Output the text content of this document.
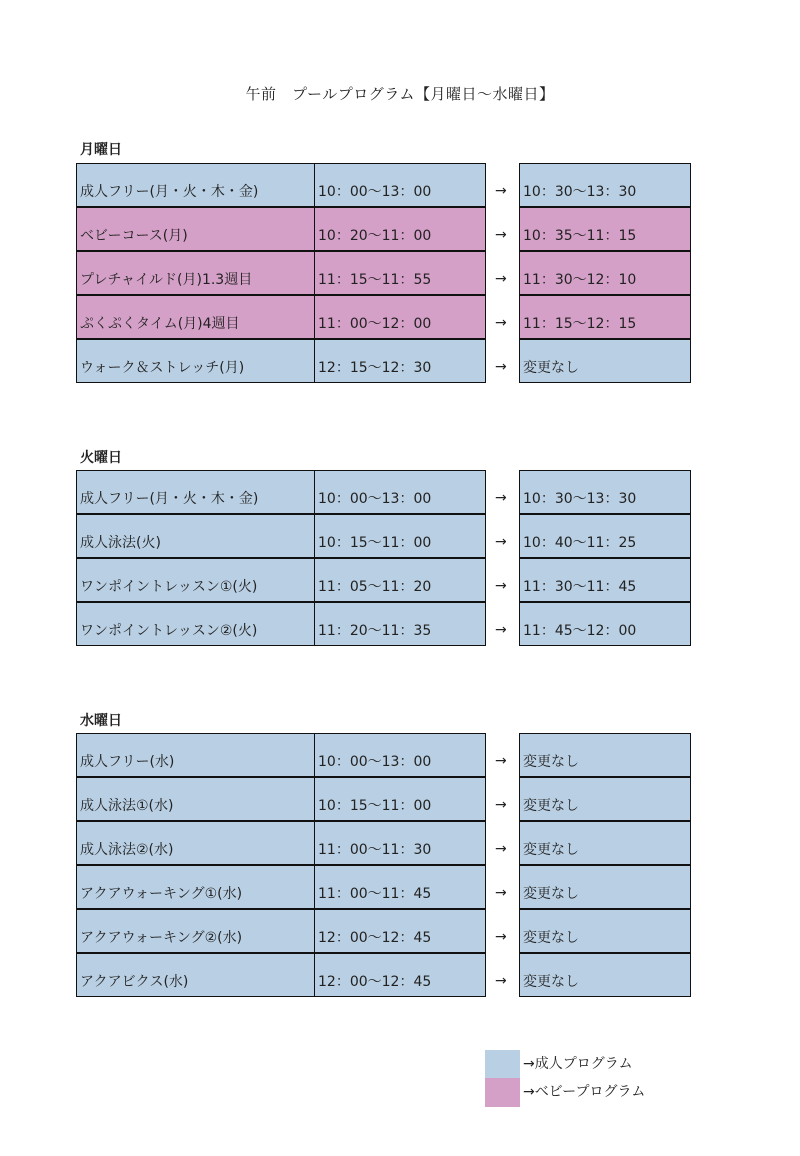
午前　プールプログラム【月曜日～水曜日】
月曜日
成人フリー(月・火・木・金)	10：00～13：00	→ 10：30～13：30
ベビーコース(月)	10：20～11：00	→ 10：35～11：15
プレチャイルド(月)1.3週目	11：15～11：55	→ 11：30～12：10
ぷくぷくタイム(月)4週目	11：00～12：00	→ 11：15～12：15
ウォーク＆ストレッチ(月)	12：15～12：30	→ 変更なし
火曜日
成人フリー(月・火・木・金)	10：00～13：00	→ 10：30～13：30
成人泳法(火)	10：15～11：00	→ 10：40～11：25
ワンポイントレッスン①(火)	11：05～11：20	→ 11：30～11：45
ワンポイントレッスン②(火)	11：20～11：35	→ 11：45～12：00
水曜日
成人フリー(水)	10：00～13：00	→ 変更なし
成人泳法①(水)	10：15～11：00	→ 変更なし
成人泳法②(水)	11：00～11：30	→ 変更なし
アクアウォーキング①(水)	11：00～11：45	→ 変更なし
アクアウォーキング②(水)	12：00～12：45	→ 変更なし
アクアビクス(水)	12：00～12：45	→ 変更なし
→成人プログラム
→ベビープログラム
